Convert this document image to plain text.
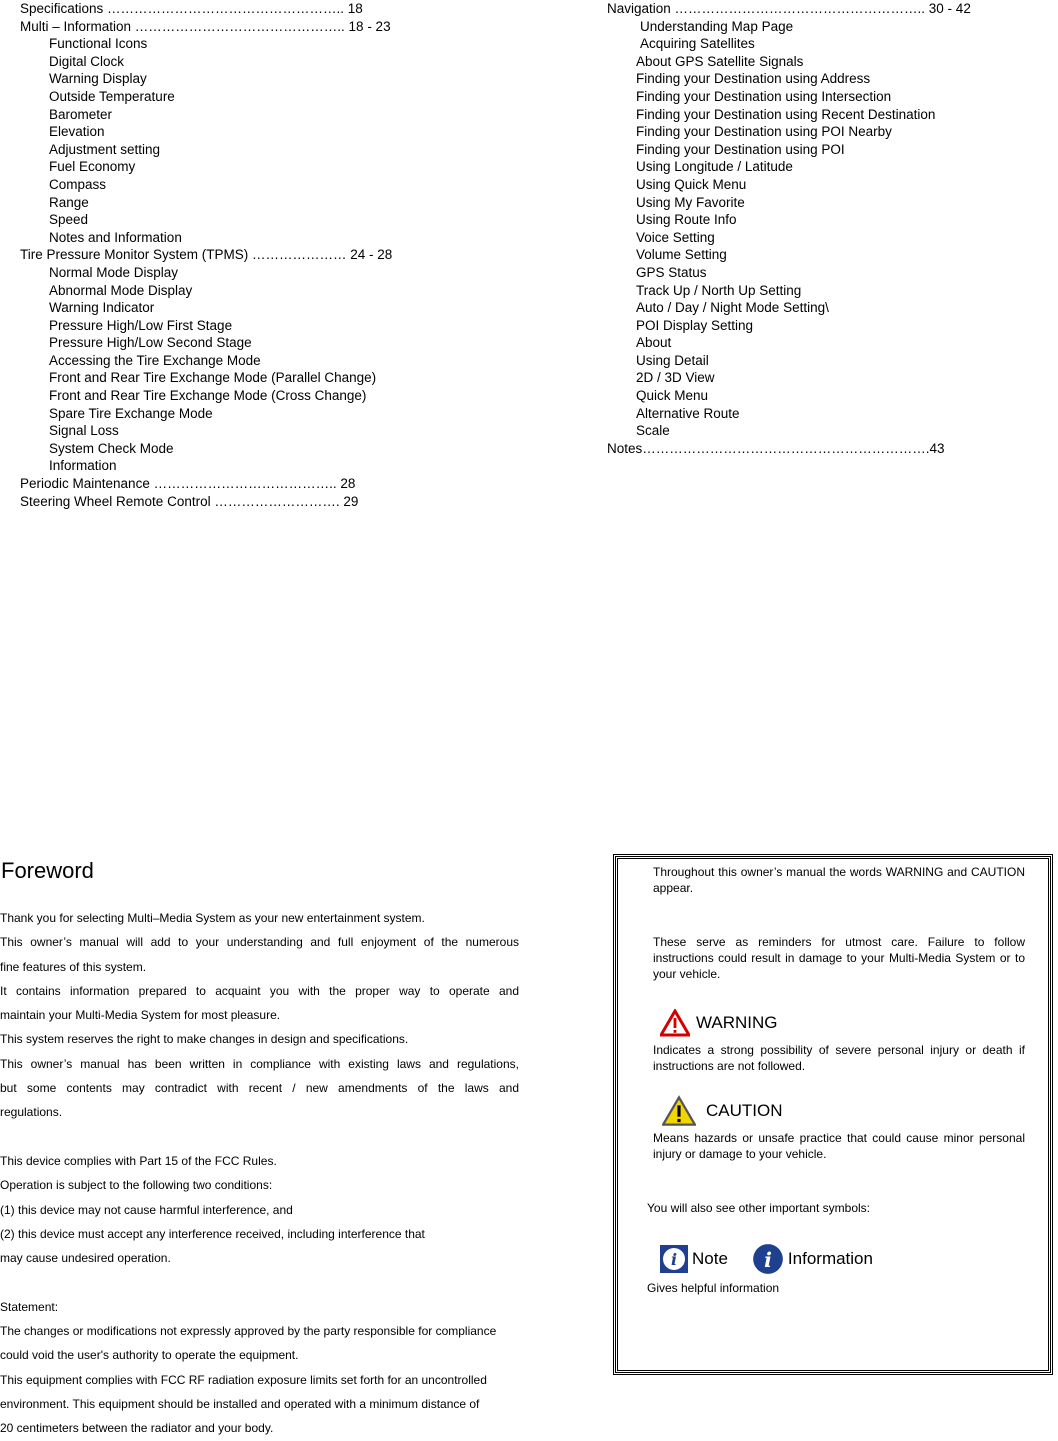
Specifications …………………………………………….. 18
Multi – Information ……………………………………….. 18 - 23
Functional Icons
Digital Clock
Warning Display
Outside Temperature
Barometer
Elevation
Adjustment setting
Fuel Economy
Compass
Range
Speed
Notes and Information
Tire Pressure Monitor System (TPMS) ………………… 24 - 28
Normal Mode Display
Abnormal Mode Display
Warning Indicator
Pressure High/Low First Stage
Pressure High/Low Second Stage
Accessing the Tire Exchange Mode
Front and Rear Tire Exchange Mode (Parallel Change)
Front and Rear Tire Exchange Mode (Cross Change)
Spare Tire Exchange Mode
Signal Loss
System Check Mode
Information
Periodic Maintenance ………………………………….. 28
Steering Wheel Remote Control ………………………. 29
Navigation ……………………………………………….. 30 - 42
Understanding Map Page
Acquiring Satellites
About GPS Satellite Signals
Finding your Destination using Address
Finding your Destination using Intersection
Finding your Destination using Recent Destination
Finding your Destination using POI Nearby
Finding your Destination using POI
Using Longitude / Latitude
Using Quick Menu
Using My Favorite
Using Route Info
Voice Setting
Volume Setting
GPS Status
Track Up / North Up Setting
Auto / Day / Night Mode Setting\
POI Display Setting
About
Using Detail
2D / 3D View
Quick Menu
Alternative Route
Scale
Notes……………………………………………………….43
Foreword

Thank you for selecting Multi–Media System as your new entertainment system.

This owner’s manual will add to your understanding and full enjoyment of the numerous

fine features of this system.

It contains information prepared to acquaint you with the proper way to operate and

maintain your Multi-Media System for most pleasure.

This system reserves the right to make changes in design and specifications.

This owner’s manual has been written in compliance with existing laws and regulations,

but some contents may contradict with recent / new amendments of the laws and

regulations.

This device complies with Part 15 of the FCC Rules.

Operation is subject to the following two conditions:

(1) this device may not cause harmful interference, and

(2) this device must accept any interference received, including interference that

may cause undesired operation.

Statement:

The changes or modifications not expressly approved by the party responsible for compliance

could void the user's authority to operate the equipment.

This equipment complies with FCC RF radiation exposure limits set forth for an uncontrolled

environment. This equipment should be installed and operated with a minimum distance of

20 centimeters between the radiator and your body.

Throughout this owner’s manual the words WARNING and CAUTION appear.
These serve as reminders for utmost care. Failure to follow instructions could result in damage to your Multi-Media System or to your vehicle.
WARNING
Indicates a strong possibility of severe personal injury or death if instructions are not followed.
CAUTION
Means hazards or unsafe practice that could cause minor personal injury or damage to your vehicle.
You will also see other important symbols:
i Note i Information
Gives helpful information
